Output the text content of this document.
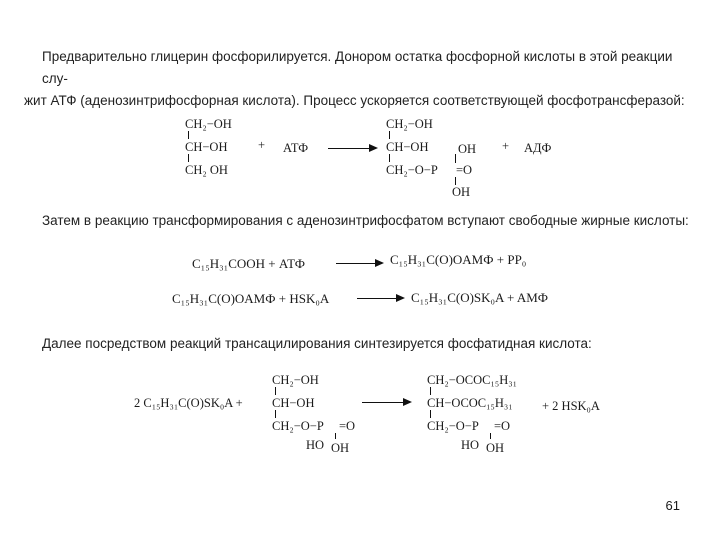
Предварительно глицерин фосфорилируется. Донором остатка фосфорной кислоты в этой реакции слу-
жит АТФ (аденозинтрифосфорная кислота). Процесс ускоряется соответствующей фосфотрансферазой:
CH₂−OH
CH−OH
CH₂ OH
+ АТФ →
CH₂−OH
CH−OH OH
CH₂−O−P =O
OH
+ АДФ
Затем в реакцию трансформирования с аденозинтрифосфатом вступают свободные жирные кислоты:
C₁₅H₃₁COOH + АТФ → C₁₅H₃₁C(O)OAMФ + PP₀
C₁₅H₃₁C(O)OAMФ + HSK₀A → C₁₅H₃₁C(O)SK₀A + AMФ
Далее посредством реакций трансацилирования синтезируется фосфатидная кислота:
2 C₁₅H₃₁C(O)SK₀A +
CH₂−OH
CH−OH
CH₂−O−P =O
HO OH
CH₂−OCOC₁₅H₃₁
CH−OCOC₁₅H₃₁
CH₂−O−P =O
HO OH
+ 2 HSK₀A
61
